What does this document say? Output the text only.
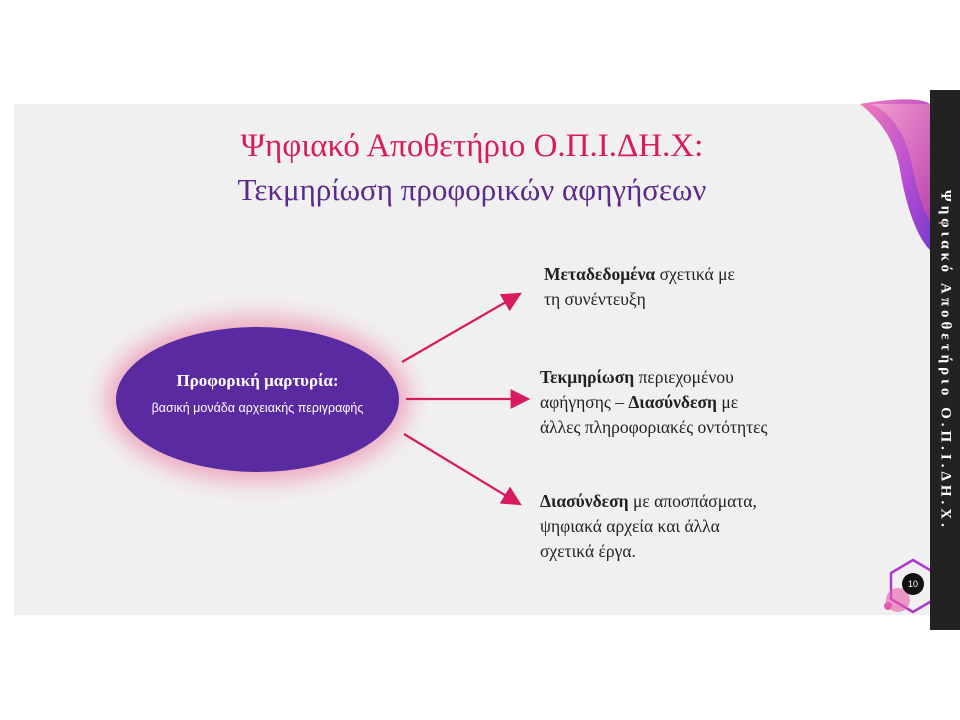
Ψηφιακό Αποθετήριο Ο.Π.Ι.ΔΗ.Χ.
Ψηφιακό Αποθετήριο Ο.Π.Ι.ΔΗ.Χ:
Τεκμηρίωση προφορικών αφηγήσεων
Προφορική μαρτυρία:
βασική μονάδα αρχειακής περιγραφής
Μεταδεδομένα σχετικά με
τη συνέντευξη
Τεκμηρίωση περιεχομένου
αφήγησης – Διασύνδεση με
άλλες πληροφοριακές οντότητες
Διασύνδεση με αποσπάσματα,
ψηφιακά αρχεία και άλλα
σχετικά έργα.
10
